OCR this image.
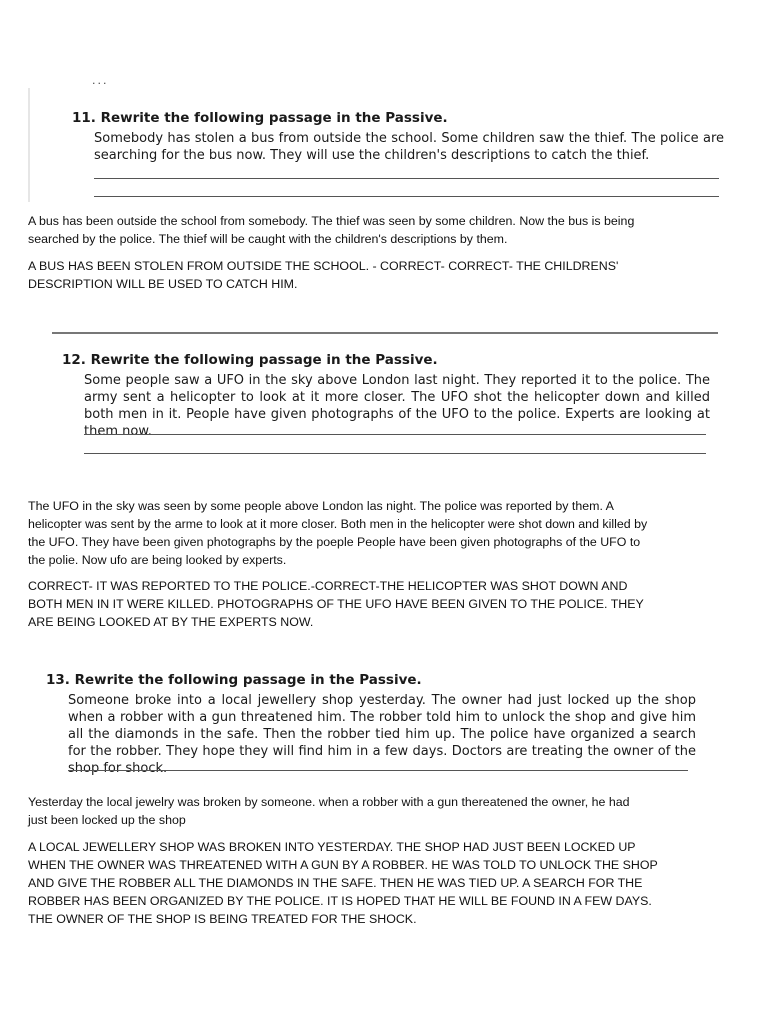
...
11. Rewrite the following passage in the Passive.
Somebody has stolen a bus from outside the school. Some children saw the thief. The police are searching for the bus now. They will use the children's descriptions to catch the thief.
A bus has been outside the school from somebody. The thief was seen by some children. Now the bus is being searched by the police. The thief will be caught with the children's descriptions by them.
A BUS HAS BEEN STOLEN FROM OUTSIDE THE SCHOOL. - CORRECT- CORRECT- THE CHILDRENS' DESCRIPTION WILL BE USED TO CATCH HIM.
12. Rewrite the following passage in the Passive.
Some people saw a UFO in the sky above London last night. They reported it to the police. The army sent a helicopter to look at it more closer. The UFO shot the helicopter down and killed both men in it. People have given photographs of the UFO to the police. Experts are looking at them now.
The UFO in the sky was seen by some people above London las night. The police was reported by them. A helicopter was sent by the arme to look at it more closer. Both men in the helicopter were shot down and killed by the UFO. They have been given photographs by the poeple People have been given photographs of the UFO to the polie. Now ufo are being looked by experts.
CORRECT- IT WAS REPORTED TO THE POLICE.-CORRECT-THE HELICOPTER WAS SHOT DOWN AND BOTH MEN IN IT WERE KILLED. PHOTOGRAPHS OF THE UFO HAVE BEEN GIVEN TO THE POLICE. THEY ARE BEING LOOKED AT BY THE EXPERTS NOW.
13. Rewrite the following passage in the Passive.
Someone broke into a local jewellery shop yesterday. The owner had just locked up the shop when a robber with a gun threatened him. The robber told him to unlock the shop and give him all the diamonds in the safe. Then the robber tied him up. The police have organized a search for the robber. They hope they will find him in a few days. Doctors are treating the owner of the shop for shock.
Yesterday the local jewelry was broken by someone. when a robber with a gun thereatened the owner, he had just been locked up the shop
A LOCAL JEWELLERY SHOP WAS BROKEN INTO YESTERDAY. THE SHOP HAD JUST BEEN LOCKED UP WHEN THE OWNER WAS THREATENED WITH A GUN BY A ROBBER. HE WAS TOLD TO UNLOCK THE SHOP AND GIVE THE ROBBER ALL THE DIAMONDS IN THE SAFE. THEN HE WAS TIED UP. A SEARCH FOR THE ROBBER HAS BEEN ORGANIZED BY THE POLICE. IT IS HOPED THAT HE WILL BE FOUND IN A FEW DAYS. THE OWNER OF THE SHOP IS BEING TREATED FOR THE SHOCK.
